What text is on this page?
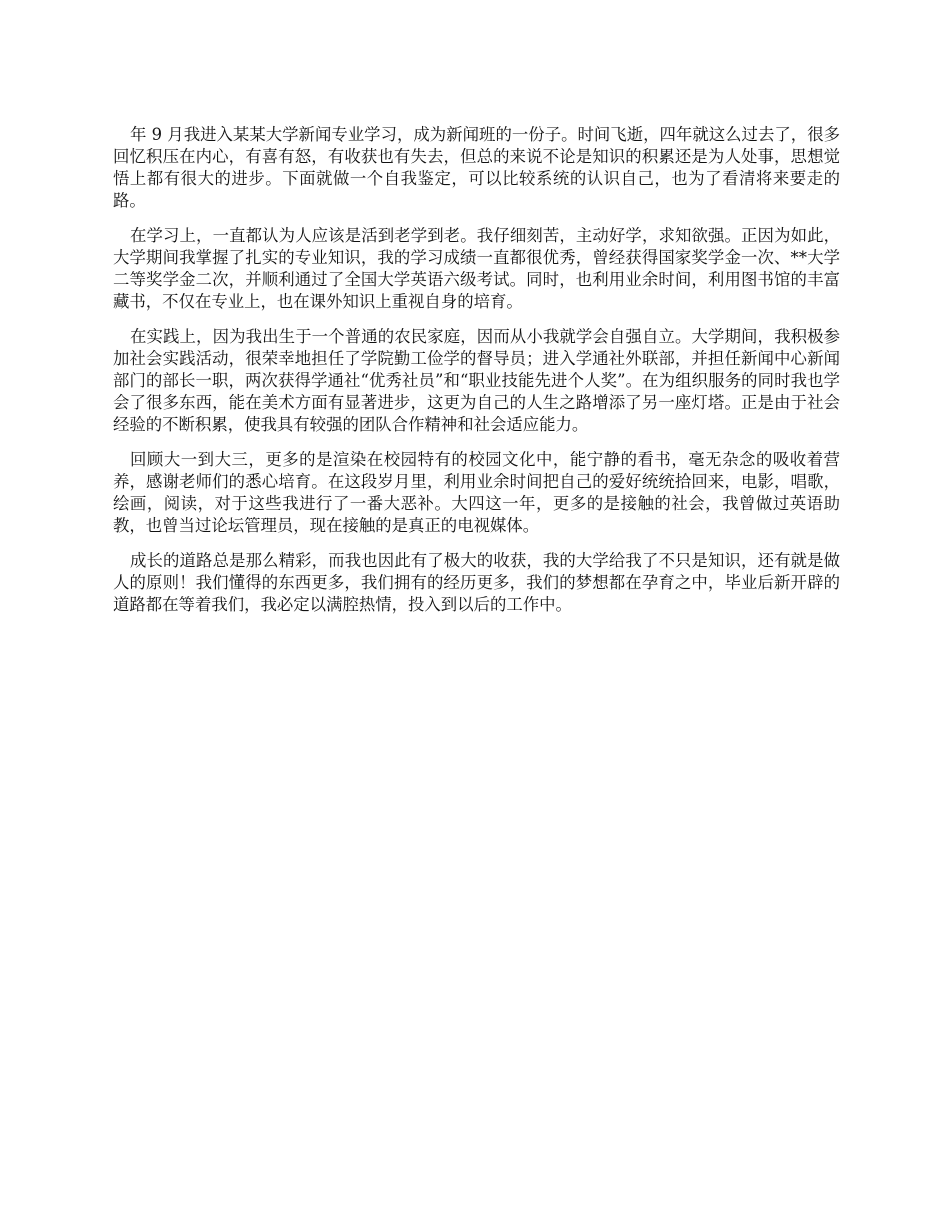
年 9 月我进入某某大学新闻专业学习，成为新闻班的一份子。时间飞逝，四年就这么过去了，很多回忆积压在内心，有喜有怒，有收获也有失去，但总的来说不论是知识的积累还是为人处事，思想觉悟上都有很大的进步。下面就做一个自我鉴定，可以比较系统的认识自己，也为了看清将来要走的路。

在学习上，一直都认为人应该是活到老学到老。我仔细刻苦，主动好学，求知欲强。正因为如此，大学期间我掌握了扎实的专业知识，我的学习成绩一直都很优秀，曾经获得国家奖学金一次、**大学二等奖学金二次，并顺利通过了全国大学英语六级考试。同时，也利用业余时间，利用图书馆的丰富藏书，不仅在专业上，也在课外知识上重视自身的培育。

在实践上，因为我出生于一个普通的农民家庭，因而从小我就学会自强自立。大学期间，我积极参加社会实践活动，很荣幸地担任了学院勤工俭学的督导员；进入学通社外联部，并担任新闻中心新闻部门的部长一职，两次获得学通社“优秀社员”和“职业技能先进个人奖”。在为组织服务的同时我也学会了很多东西，能在美术方面有显著进步，这更为自己的人生之路增添了另一座灯塔。正是由于社会经验的不断积累，使我具有较强的团队合作精神和社会适应能力。

回顾大一到大三，更多的是渲染在校园特有的校园文化中，能宁静的看书，毫无杂念的吸收着营养，感谢老师们的悉心培育。在这段岁月里，利用业余时间把自己的爱好统统拾回来，电影，唱歌，绘画，阅读，对于这些我进行了一番大恶补。大四这一年，更多的是接触的社会，我曾做过英语助教，也曾当过论坛管理员，现在接触的是真正的电视媒体。

成长的道路总是那么精彩，而我也因此有了极大的收获，我的大学给我了不只是知识，还有就是做人的原则！我们懂得的东西更多，我们拥有的经历更多，我们的梦想都在孕育之中，毕业后新开辟的道路都在等着我们，我必定以满腔热情，投入到以后的工作中。
